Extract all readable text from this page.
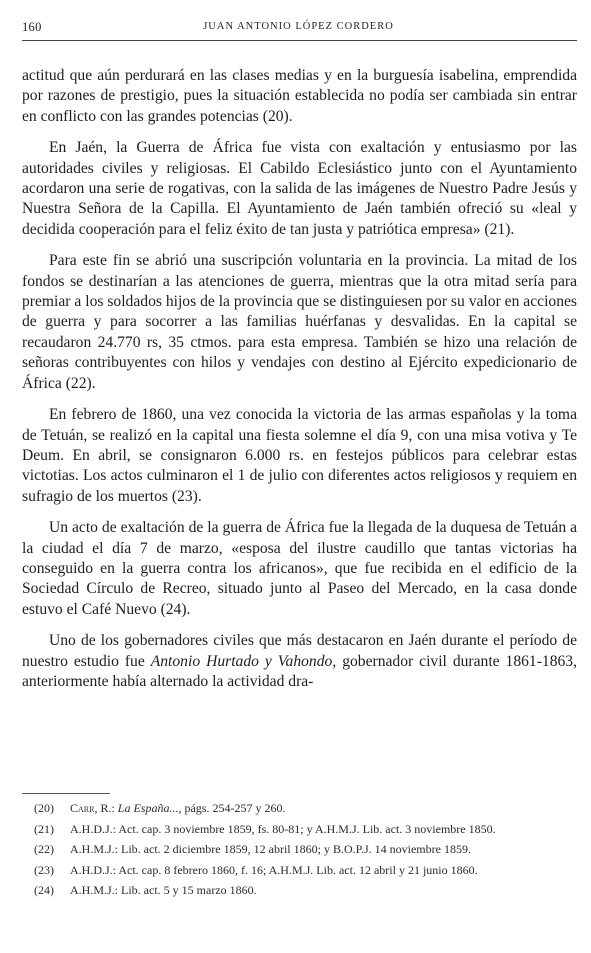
160	JUAN ANTONIO LÓPEZ CORDERO

actitud que aún perdurará en las clases medias y en la burguesía isabelina, emprendida por razones de prestigio, pues la situación establecida no podía ser cambiada sin entrar en conflicto con las grandes potencias (20).

En Jaén, la Guerra de África fue vista con exaltación y entusiasmo por las autoridades civiles y religiosas. El Cabildo Eclesiástico junto con el Ayuntamiento acordaron una serie de rogativas, con la salida de las imágenes de Nuestro Padre Jesús y Nuestra Señora de la Capilla. El Ayuntamiento de Jaén también ofreció su «leal y decidida cooperación para el feliz éxito de tan justa y patriótica empresa» (21).

Para este fin se abrió una suscripción voluntaria en la provincia. La mitad de los fondos se destinarían a las atenciones de guerra, mientras que la otra mitad sería para premiar a los soldados hijos de la provincia que se distinguiesen por su valor en acciones de guerra y para socorrer a las familias huérfanas y desvalidas. En la capital se recaudaron 24.770 rs, 35 ctmos. para esta empresa. También se hizo una relación de señoras contribuyentes con hilos y vendajes con destino al Ejército expedicionario de África (22).

En febrero de 1860, una vez conocida la victoria de las armas españolas y la toma de Tetuán, se realizó en la capital una fiesta solemne el día 9, con una misa votiva y Te Deum. En abril, se consignaron 6.000 rs. en festejos públicos para celebrar estas victotias. Los actos culminaron el 1 de julio con diferentes actos religiosos y requiem en sufragio de los muertos (23).

Un acto de exaltación de la guerra de África fue la llegada de la duquesa de Tetuán a la ciudad el día 7 de marzo, «esposa del ilustre caudillo que tantas victorias ha conseguido en la guerra contra los africanos», que fue recibida en el edificio de la Sociedad Círculo de Recreo, situado junto al Paseo del Mercado, en la casa donde estuvo el Café Nuevo (24).

Uno de los gobernadores civiles que más destacaron en Jaén durante el período de nuestro estudio fue Antonio Hurtado y Vahondo, gobernador civil durante 1861-1863, anteriormente había alternado la actividad dra-

(20) Carr, R.: La España..., págs. 254-257 y 260.

(21) A.H.D.J.: Act. cap. 3 noviembre 1859, fs. 80-81; y A.H.M.J. Lib. act. 3 noviembre 1850.

(22) A.H.M.J.: Lib. act. 2 diciembre 1859, 12 abril 1860; y B.O.P.J. 14 noviembre 1859.

(23) A.H.D.J.: Act. cap. 8 febrero 1860, f. 16; A.H.M.J. Lib. act. 12 abril y 21 junio 1860.

(24) A.H.M.J.: Lib. act. 5 y 15 marzo 1860.
